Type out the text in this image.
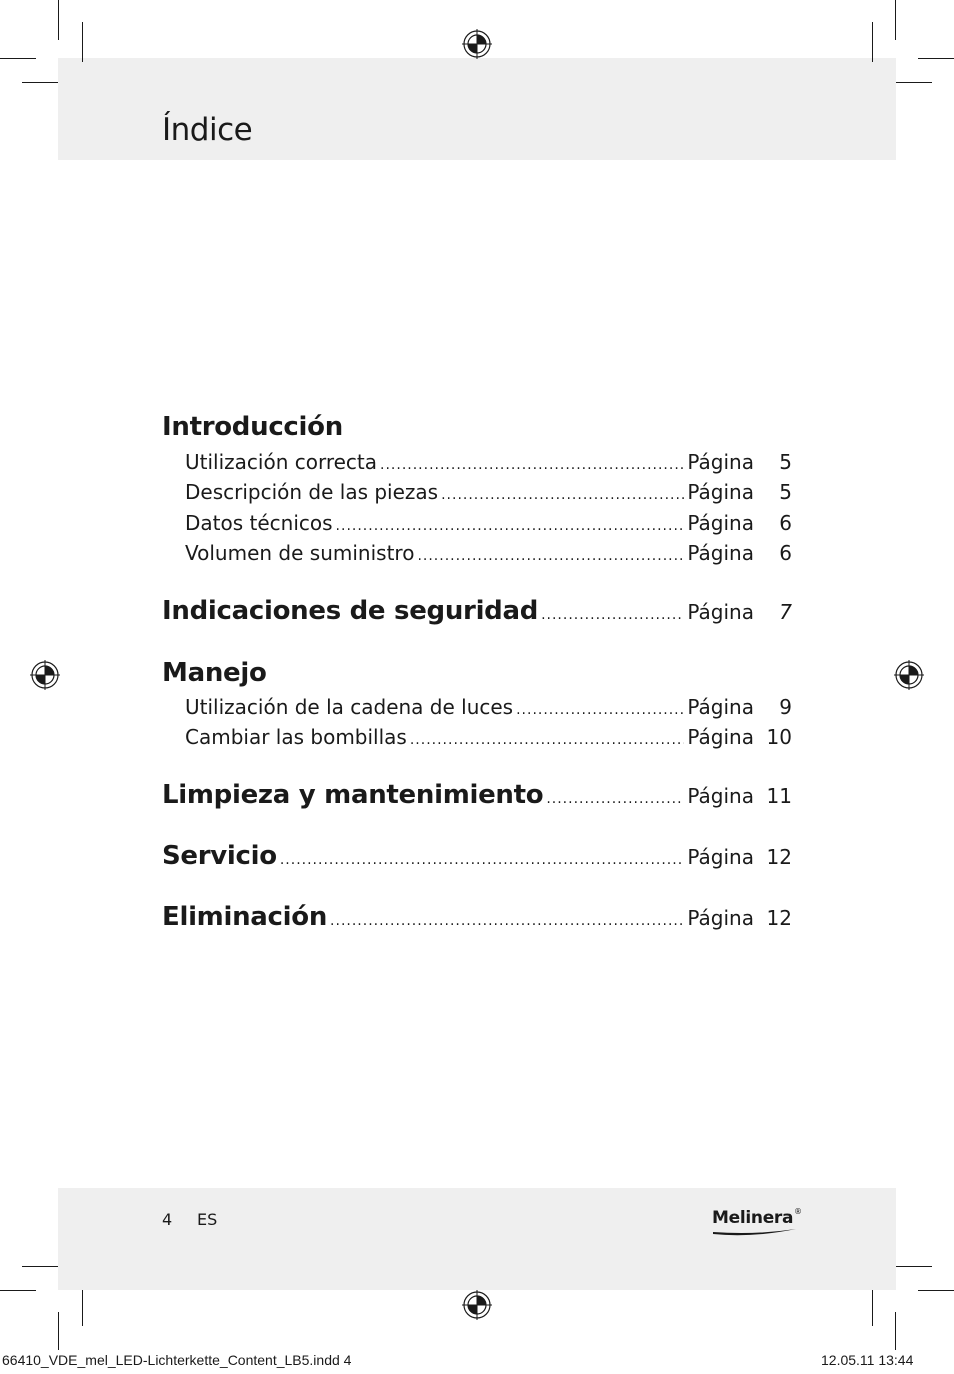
Índice
Introducción
Utilización correcta .....	Página	5
Descripción de las piezas .....	Página	5
Datos técnicos .....	Página	6
Volumen de suministro .....	Página	6
Indicaciones de seguridad .....	Página	7
Manejo
Utilización de la cadena de luces .....	Página	9
Cambiar las bombillas .....	Página 10
Limpieza y mantenimiento .....	Página 11
Servicio .....	Página 12
Eliminación .....	Página 12
4 ES	Melinera ®
66410_VDE_mel_LED-Lichterkette_Content_LB5.indd 4	12.05.11 13:44
